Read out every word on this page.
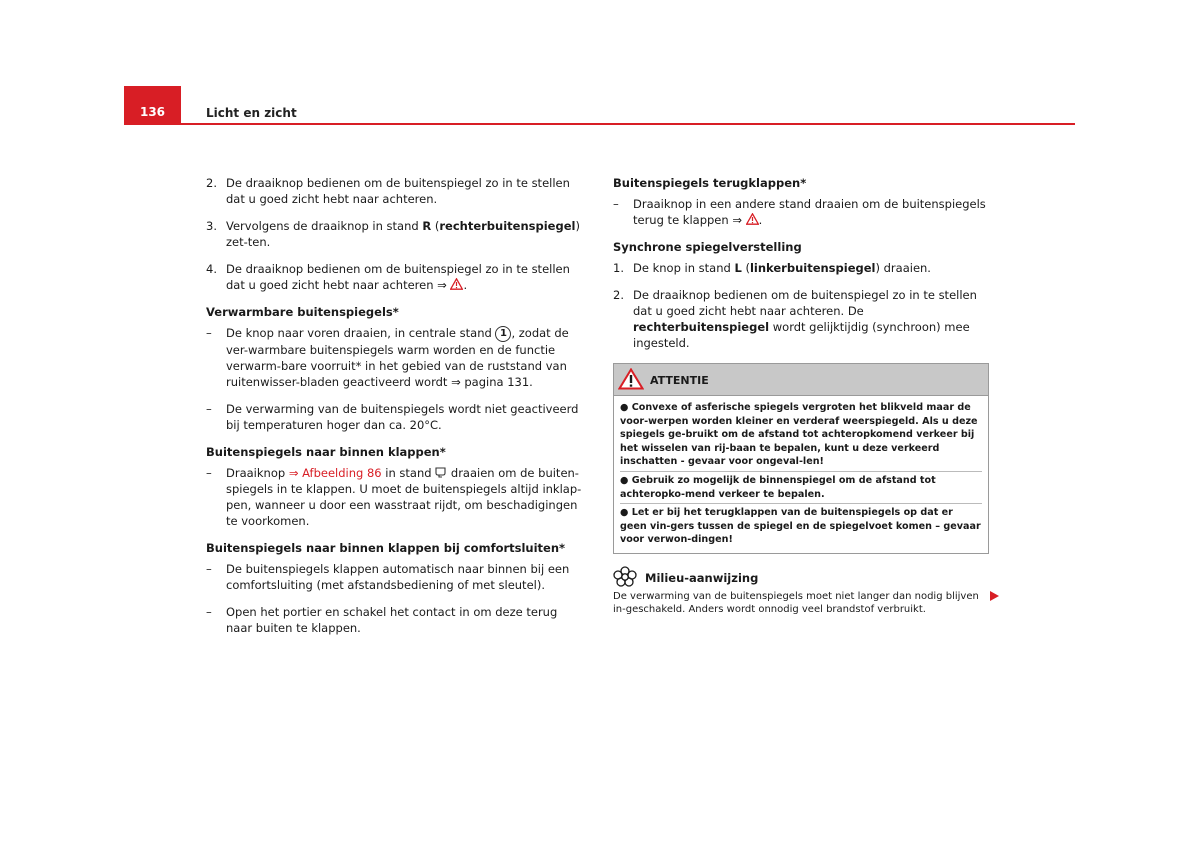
136	Licht en zicht
2. De draaiknop bedienen om de buitenspiegel zo in te stellen dat u goed zicht hebt naar achteren.
3. Vervolgens de draaiknop in stand R (rechterbuitenspiegel) zet-ten.
4. De draaiknop bedienen om de buitenspiegel zo in te stellen dat u goed zicht hebt naar achteren ⇒ .
Verwarmbare buitenspiegels*
– De knop naar voren draaien, in centrale stand 1 , zodat de ver-warmbare buitenspiegels warm worden en de functie verwarm-bare voorruit* in het gebied van de ruststand van ruitenwisser-bladen geactiveerd wordt ⇒ pagina 131.
– De verwarming van de buitenspiegels wordt niet geactiveerd bij temperaturen hoger dan ca. 20°C.
Buitenspiegels naar binnen klappen*
– Draaiknop ⇒ Afbeelding 86 in stand  draaien om de buiten-spiegels in te klappen. U moet de buitenspiegels altijd inklap-pen, wanneer u door een wasstraat rijdt, om beschadigingen te voorkomen.
Buitenspiegels naar binnen klappen bij comfortsluiten*
– De buitenspiegels klappen automatisch naar binnen bij een comfortsluiting (met afstandsbediening of met sleutel).
– Open het portier en schakel het contact in om deze terug naar buiten te klappen.
Buitenspiegels terugklappen*
– Draaiknop in een andere stand draaien om de buitenspiegels terug te klappen ⇒ .
Synchrone spiegelverstelling
1. De knop in stand L (linkerbuitenspiegel) draaien.
2. De draaiknop bedienen om de buitenspiegel zo in te stellen dat u goed zicht hebt naar achteren. De rechterbuitenspiegel wordt gelijktijdig (synchroon) mee ingesteld.
ATTENTIE

● Convexe of asferische spiegels vergroten het blikveld maar de voor-werpen worden kleiner en verderaf weerspiegeld. Als u deze spiegels ge-bruikt om de afstand tot achteropkomend verkeer bij het wisselen van rij-baan te bepalen, kunt u deze verkeerd inschatten - gevaar voor ongeval-len!

● Gebruik zo mogelijk de binnenspiegel om de afstand tot achteropko-mend verkeer te bepalen.

● Let er bij het terugklappen van de buitenspiegels op dat er geen vin-gers tussen de spiegel en de spiegelvoet komen – gevaar voor verwon-dingen!

Milieu-aanwijzing
De verwarming van de buitenspiegels moet niet langer dan nodig blijven in-geschakeld. Anders wordt onnodig veel brandstof verbruikt.
